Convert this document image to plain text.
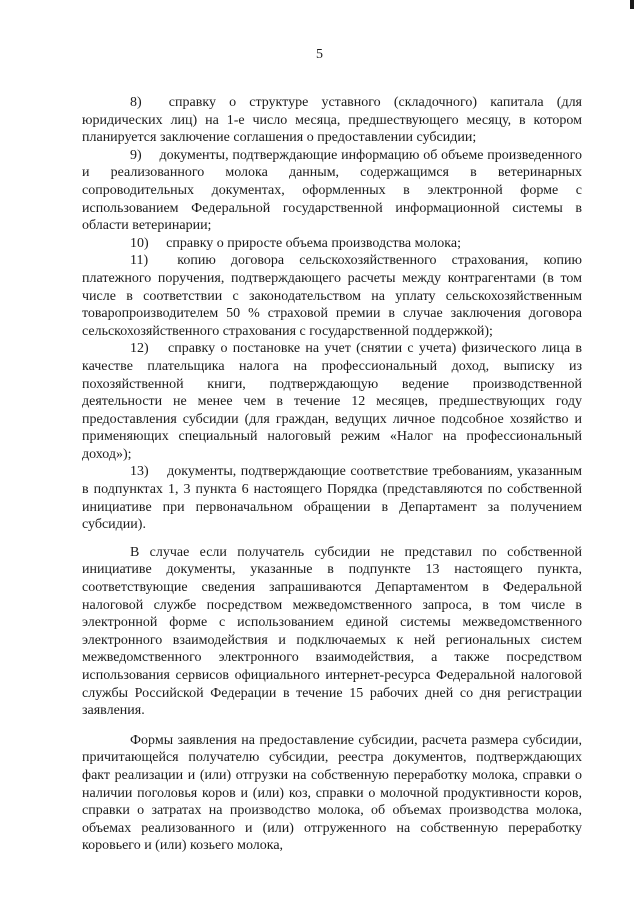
5

8)  справку о структуре уставного (складочного) капитала (для юридических лиц) на 1-е число месяца, предшествующего месяцу, в котором планируется заключение соглашения о предоставлении субсидии;

9)  документы, подтверждающие информацию об объеме произведенного и реализованного молока данным, содержащимся в ветеринарных сопроводительных документах, оформленных в электронной форме с использованием Федеральной государственной информационной системы в области ветеринарии;

10)  справку о приросте объема производства молока;

11)  копию договора сельскохозяйственного страхования, копию платежного поручения, подтверждающего расчеты между контрагентами (в том числе в соответствии с законодательством на уплату сельскохозяйственным товаропроизводителем 50 % страховой премии в случае заключения договора сельскохозяйственного страхования с государственной поддержкой);

12)  справку о постановке на учет (снятии с учета) физического лица в качестве плательщика налога на профессиональный доход, выписку из похозяйственной книги, подтверждающую ведение производственной деятельности не менее чем в течение 12 месяцев, предшествующих году предоставления субсидии (для граждан, ведущих личное подсобное хозяйство и применяющих специальный налоговый режим «Налог на профессиональный доход»);

13)  документы, подтверждающие соответствие требованиям, указанным в подпунктах 1, 3 пункта 6 настоящего Порядка (представляются по собственной инициативе при первоначальном обращении в Департамент за получением субсидии).

В случае если получатель субсидии не представил по собственной инициативе документы, указанные в подпункте 13 настоящего пункта, соответствующие сведения запрашиваются Департаментом в Федеральной налоговой службе посредством межведомственного запроса, в том числе в электронной форме с использованием единой системы межведомственного электронного взаимодействия и подключаемых к ней региональных систем межведомственного электронного взаимодействия, а также посредством использования сервисов официального интернет-ресурса Федеральной налоговой службы Российской Федерации в течение 15 рабочих дней со дня регистрации заявления.

Формы заявления на предоставление субсидии, расчета размера субсидии, причитающейся получателю субсидии, реестра документов, подтверждающих факт реализации и (или) отгрузки на собственную переработку молока, справки о наличии поголовья коров и (или) коз, справки о молочной продуктивности коров, справки о затратах на производство молока, об объемах производства молока, объемах реализованного и (или) отгруженного на собственную переработку коровьего и (или) козьего молока,
